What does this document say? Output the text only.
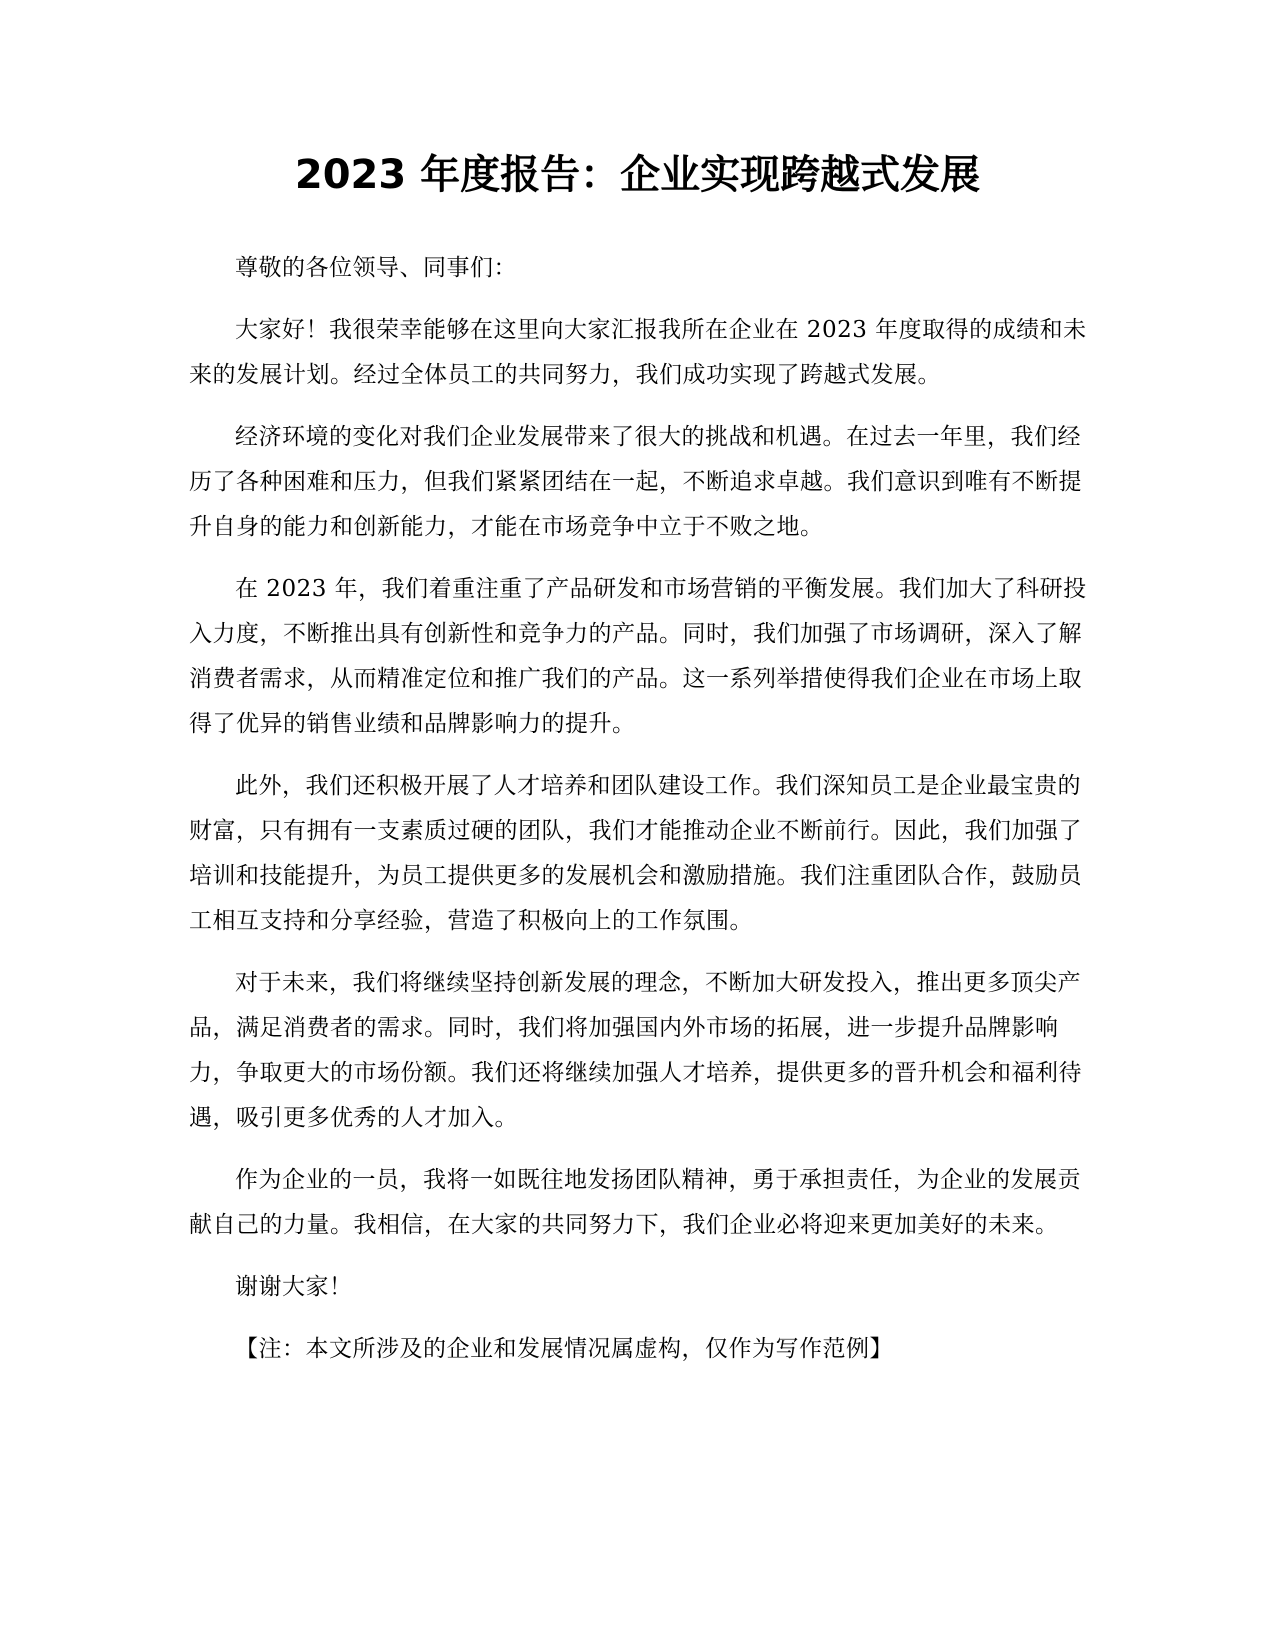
2023 年度报告：企业实现跨越式发展

尊敬的各位领导、同事们：

大家好！我很荣幸能够在这里向大家汇报我所在企业在 2023 年度取得的成绩和未来的发展计划。经过全体员工的共同努力，我们成功实现了跨越式发展。

经济环境的变化对我们企业发展带来了很大的挑战和机遇。在过去一年里，我们经历了各种困难和压力，但我们紧紧团结在一起，不断追求卓越。我们意识到唯有不断提升自身的能力和创新能力，才能在市场竞争中立于不败之地。

在 2023 年，我们着重注重了产品研发和市场营销的平衡发展。我们加大了科研投入力度，不断推出具有创新性和竞争力的产品。同时，我们加强了市场调研，深入了解消费者需求，从而精准定位和推广我们的产品。这一系列举措使得我们企业在市场上取得了优异的销售业绩和品牌影响力的提升。

此外，我们还积极开展了人才培养和团队建设工作。我们深知员工是企业最宝贵的财富，只有拥有一支素质过硬的团队，我们才能推动企业不断前行。因此，我们加强了培训和技能提升，为员工提供更多的发展机会和激励措施。我们注重团队合作，鼓励员工相互支持和分享经验，营造了积极向上的工作氛围。

对于未来，我们将继续坚持创新发展的理念，不断加大研发投入，推出更多顶尖产品，满足消费者的需求。同时，我们将加强国内外市场的拓展，进一步提升品牌影响力，争取更大的市场份额。我们还将继续加强人才培养，提供更多的晋升机会和福利待遇，吸引更多优秀的人才加入。

作为企业的一员，我将一如既往地发扬团队精神，勇于承担责任，为企业的发展贡献自己的力量。我相信，在大家的共同努力下，我们企业必将迎来更加美好的未来。

谢谢大家！

【注：本文所涉及的企业和发展情况属虚构，仅作为写作范例】
